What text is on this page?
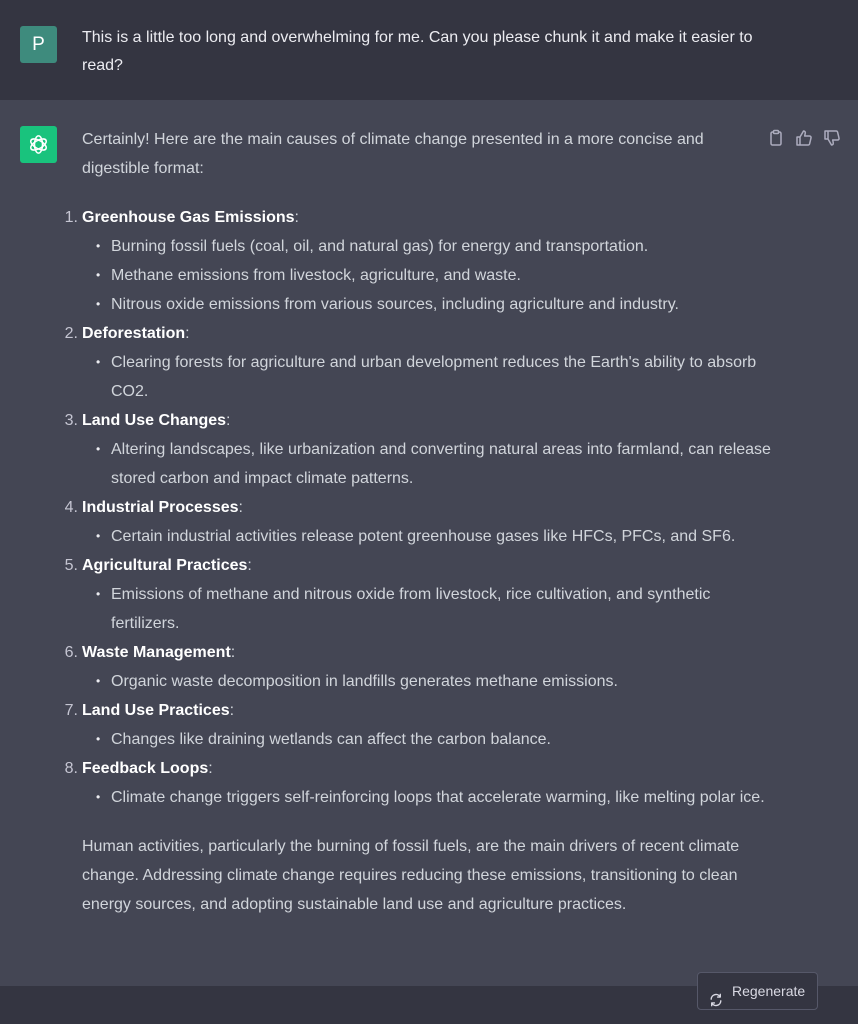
P	This is a little too long and overwhelming for me. Can you please chunk it and make it easier to read?

Certainly! Here are the main causes of climate change presented in a more concise and digestible format:

1. Greenhouse Gas Emissions:
• Burning fossil fuels (coal, oil, and natural gas) for energy and transportation.
• Methane emissions from livestock, agriculture, and waste.
• Nitrous oxide emissions from various sources, including agriculture and industry.
2. Deforestation:
• Clearing forests for agriculture and urban development reduces the Earth's ability to absorb CO2.
3. Land Use Changes:
• Altering landscapes, like urbanization and converting natural areas into farmland, can release stored carbon and impact climate patterns.
4. Industrial Processes:
• Certain industrial activities release potent greenhouse gases like HFCs, PFCs, and SF6.
5. Agricultural Practices:
• Emissions of methane and nitrous oxide from livestock, rice cultivation, and synthetic fertilizers.
6. Waste Management:
• Organic waste decomposition in landfills generates methane emissions.
7. Land Use Practices:
• Changes like draining wetlands can affect the carbon balance.
8. Feedback Loops:
• Climate change triggers self-reinforcing loops that accelerate warming, like melting polar ice.

Human activities, particularly the burning of fossil fuels, are the main drivers of recent climate change. Addressing climate change requires reducing these emissions, transitioning to clean energy sources, and adopting sustainable land use and agriculture practices.

Regenerate
